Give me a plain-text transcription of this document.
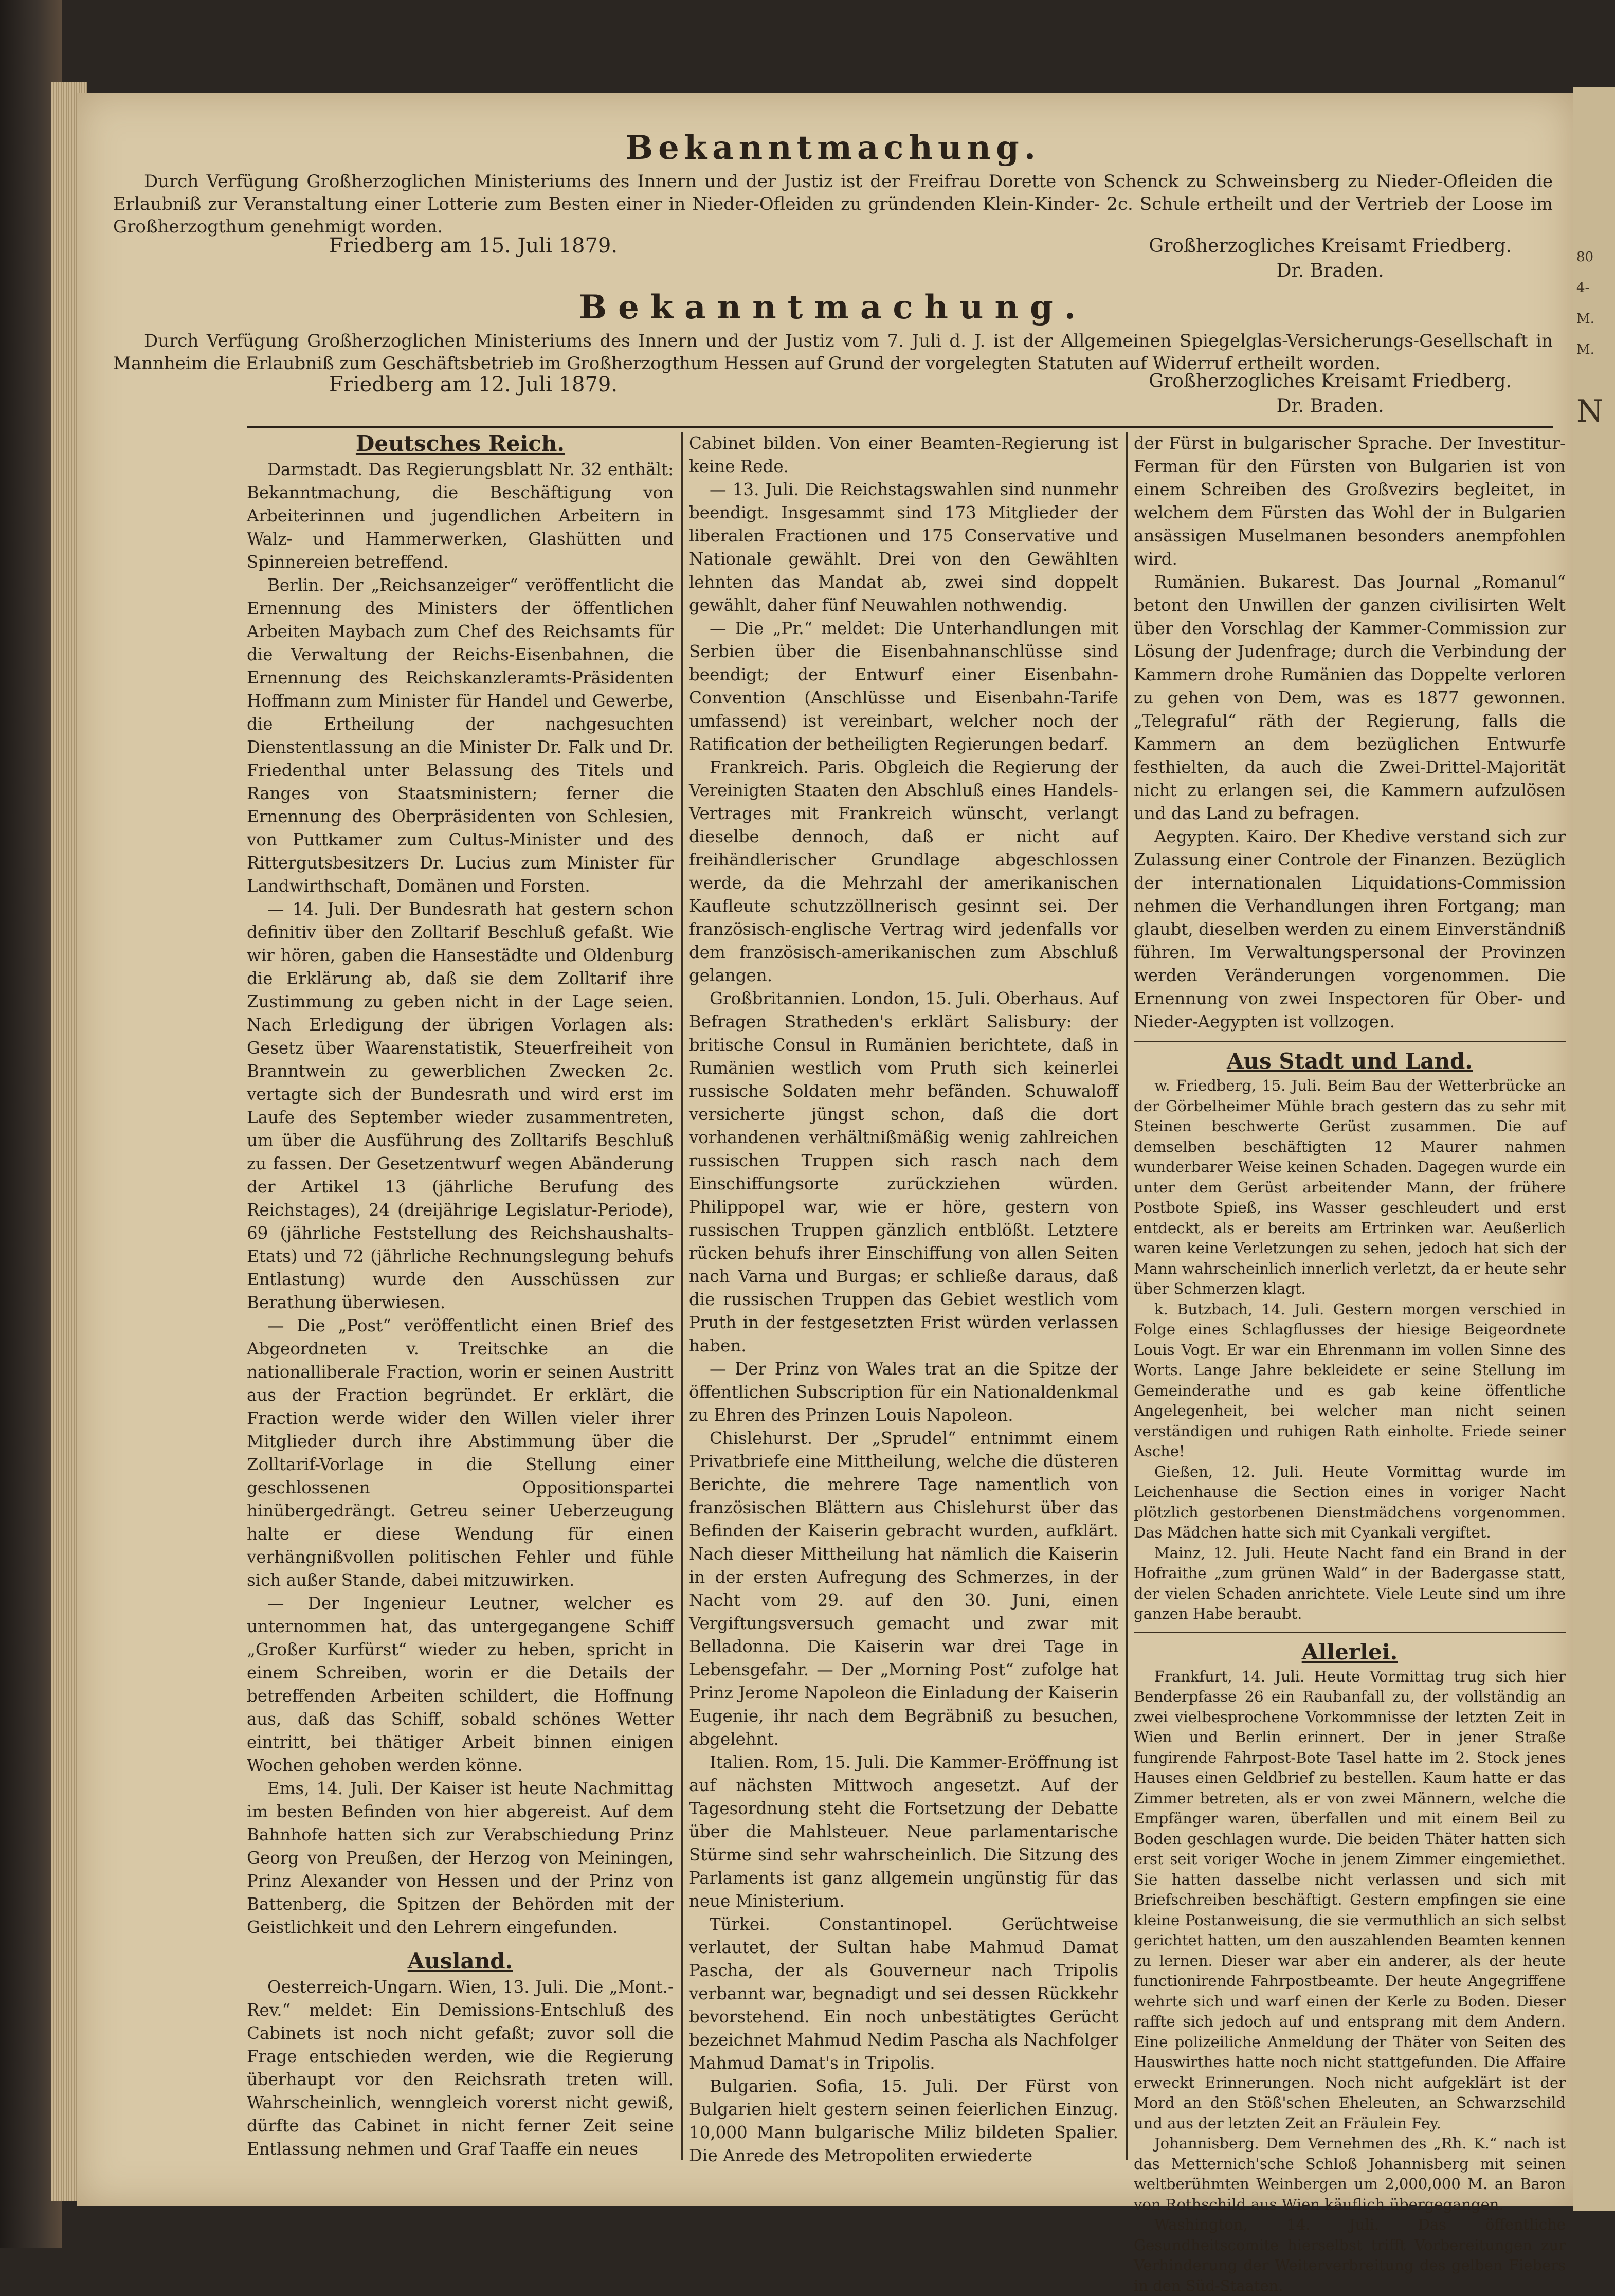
80
4-
M.
M.
N
Bekanntmachung.

Durch Verfügung Großherzoglichen Ministeriums des Innern und der Justiz ist der Freifrau Dorette von Schenck zu Schweinsberg zu Nieder-Ofleiden die Erlaubniß zur Veranstaltung einer Lotterie zum Besten einer in Nieder-Ofleiden zu gründenden Klein-Kinder- 2c. Schule ertheilt und der Vertrieb der Loose im Großherzogthum genehmigt worden.

Friedberg am 15. Juli 1879.	Großherzogliches Kreisamt Friedberg.
Dr. Braden.
Bekanntmachung.

Durch Verfügung Großherzoglichen Ministeriums des Innern und der Justiz vom 7. Juli d. J. ist der Allgemeinen Spiegelglas-Versicherungs-Gesellschaft in Mannheim die Erlaubniß zum Geschäftsbetrieb im Großherzogthum Hessen auf Grund der vorgelegten Statuten auf Widerruf ertheilt worden.

Friedberg am 12. Juli 1879.	Großherzogliches Kreisamt Friedberg.
Dr. Braden.
Deutsches Reich.

Darmstadt. Das Regierungsblatt Nr. 32 enthält: Bekanntmachung, die Beschäftigung von Arbeiterinnen und jugendlichen Arbeitern in Walz- und Hammerwerken, Glashütten und Spinnereien betreffend.

Berlin. Der „Reichsanzeiger“ veröffentlicht die Ernennung des Ministers der öffentlichen Arbeiten Maybach zum Chef des Reichsamts für die Verwaltung der Reichs-Eisenbahnen, die Ernennung des Reichskanzleramts-Präsidenten Hoffmann zum Minister für Handel und Gewerbe, die Ertheilung der nachgesuchten Dienstentlassung an die Minister Dr. Falk und Dr. Friedenthal unter Belassung des Titels und Ranges von Staatsministern; ferner die Ernennung des Oberpräsidenten von Schlesien, von Puttkamer zum Cultus-Minister und des Rittergutsbesitzers Dr. Lucius zum Minister für Landwirthschaft, Domänen und Forsten.

— 14. Juli. Der Bundesrath hat gestern schon definitiv über den Zolltarif Beschluß gefaßt. Wie wir hören, gaben die Hansestädte und Oldenburg die Erklärung ab, daß sie dem Zolltarif ihre Zustimmung zu geben nicht in der Lage seien. Nach Erledigung der übrigen Vorlagen als: Gesetz über Waarenstatistik, Steuerfreiheit von Branntwein zu gewerblichen Zwecken 2c. vertagte sich der Bundesrath und wird erst im Laufe des September wieder zusammentreten, um über die Ausführung des Zolltarifs Beschluß zu fassen. Der Gesetzentwurf wegen Abänderung der Artikel 13 (jährliche Berufung des Reichstages), 24 (dreijährige Legislatur-Periode), 69 (jährliche Feststellung des Reichshaushalts-Etats) und 72 (jährliche Rechnungslegung behufs Entlastung) wurde den Ausschüssen zur Berathung überwiesen.

— Die „Post“ veröffentlicht einen Brief des Abgeordneten v. Treitschke an die nationalliberale Fraction, worin er seinen Austritt aus der Fraction begründet. Er erklärt, die Fraction werde wider den Willen vieler ihrer Mitglieder durch ihre Abstimmung über die Zolltarif-Vorlage in die Stellung einer geschlossenen Oppositionspartei hinübergedrängt. Getreu seiner Ueberzeugung halte er diese Wendung für einen verhängnißvollen politischen Fehler und fühle sich außer Stande, dabei mitzuwirken.

— Der Ingenieur Leutner, welcher es unternommen hat, das untergegangene Schiff „Großer Kurfürst“ wieder zu heben, spricht in einem Schreiben, worin er die Details der betreffenden Arbeiten schildert, die Hoffnung aus, daß das Schiff, sobald schönes Wetter eintritt, bei thätiger Arbeit binnen einigen Wochen gehoben werden könne.

Ems, 14. Juli. Der Kaiser ist heute Nachmittag im besten Befinden von hier abgereist. Auf dem Bahnhofe hatten sich zur Verabschiedung Prinz Georg von Preußen, der Herzog von Meiningen, Prinz Alexander von Hessen und der Prinz von Battenberg, die Spitzen der Behörden mit der Geistlichkeit und den Lehrern eingefunden.

Ausland.

Oesterreich-Ungarn. Wien, 13. Juli. Die „Mont.-Rev.“ meldet: Ein Demissions-Entschluß des Cabinets ist noch nicht gefaßt; zuvor soll die Frage entschieden werden, wie die Regierung überhaupt vor den Reichsrath treten will. Wahrscheinlich, wenngleich vorerst nicht gewiß, dürfte das Cabinet in nicht ferner Zeit seine Entlassung nehmen und Graf Taaffe ein neues

Cabinet bilden. Von einer Beamten-Regierung ist keine Rede.

— 13. Juli. Die Reichstagswahlen sind nunmehr beendigt. Insgesammt sind 173 Mitglieder der liberalen Fractionen und 175 Conservative und Nationale gewählt. Drei von den Gewählten lehnten das Mandat ab, zwei sind doppelt gewählt, daher fünf Neuwahlen nothwendig.

— Die „Pr.“ meldet: Die Unterhandlungen mit Serbien über die Eisenbahnanschlüsse sind beendigt; der Entwurf einer Eisenbahn-Convention (Anschlüsse und Eisenbahn-Tarife umfassend) ist vereinbart, welcher noch der Ratification der betheiligten Regierungen bedarf.

Frankreich. Paris. Obgleich die Regierung der Vereinigten Staaten den Abschluß eines Handels-Vertrages mit Frankreich wünscht, verlangt dieselbe dennoch, daß er nicht auf freihändlerischer Grundlage abgeschlossen werde, da die Mehrzahl der amerikanischen Kaufleute schutzzöllnerisch gesinnt sei. Der französisch-englische Vertrag wird jedenfalls vor dem französisch-amerikanischen zum Abschluß gelangen.

Großbritannien. London, 15. Juli. Oberhaus. Auf Befragen Stratheden's erklärt Salisbury: der britische Consul in Rumänien berichtete, daß in Rumänien westlich vom Pruth sich keinerlei russische Soldaten mehr befänden. Schuwaloff versicherte jüngst schon, daß die dort vorhandenen verhältnißmäßig wenig zahlreichen russischen Truppen sich rasch nach dem Einschiffungsorte zurückziehen würden. Philippopel war, wie er höre, gestern von russischen Truppen gänzlich entblößt. Letztere rücken behufs ihrer Einschiffung von allen Seiten nach Varna und Burgas; er schließe daraus, daß die russischen Truppen das Gebiet westlich vom Pruth in der festgesetzten Frist würden verlassen haben.

— Der Prinz von Wales trat an die Spitze der öffentlichen Subscription für ein Nationaldenkmal zu Ehren des Prinzen Louis Napoleon.

Chislehurst. Der „Sprudel“ entnimmt einem Privatbriefe eine Mittheilung, welche die düsteren Berichte, die mehrere Tage namentlich von französischen Blättern aus Chislehurst über das Befinden der Kaiserin gebracht wurden, aufklärt. Nach dieser Mittheilung hat nämlich die Kaiserin in der ersten Aufregung des Schmerzes, in der Nacht vom 29. auf den 30. Juni, einen Vergiftungsversuch gemacht und zwar mit Belladonna. Die Kaiserin war drei Tage in Lebensgefahr. — Der „Morning Post“ zufolge hat Prinz Jerome Napoleon die Einladung der Kaiserin Eugenie, ihr nach dem Begräbniß zu besuchen, abgelehnt.

Italien. Rom, 15. Juli. Die Kammer-Eröffnung ist auf nächsten Mittwoch angesetzt. Auf der Tagesordnung steht die Fortsetzung der Debatte über die Mahlsteuer. Neue parlamentarische Stürme sind sehr wahrscheinlich. Die Sitzung des Parlaments ist ganz allgemein ungünstig für das neue Ministerium.

Türkei. Constantinopel. Gerüchtweise verlautet, der Sultan habe Mahmud Damat Pascha, der als Gouverneur nach Tripolis verbannt war, begnadigt und sei dessen Rückkehr bevorstehend. Ein noch unbestätigtes Gerücht bezeichnet Mahmud Nedim Pascha als Nachfolger Mahmud Damat's in Tripolis.

Bulgarien. Sofia, 15. Juli. Der Fürst von Bulgarien hielt gestern seinen feierlichen Einzug. 10,000 Mann bulgarische Miliz bildeten Spalier. Die Anrede des Metropoliten erwiederte

der Fürst in bulgarischer Sprache. Der Investitur-Ferman für den Fürsten von Bulgarien ist von einem Schreiben des Großvezirs begleitet, in welchem dem Fürsten das Wohl der in Bulgarien ansässigen Muselmanen besonders anempfohlen wird.

Rumänien. Bukarest. Das Journal „Romanul“ betont den Unwillen der ganzen civilisirten Welt über den Vorschlag der Kammer-Commission zur Lösung der Judenfrage; durch die Verbindung der Kammern drohe Rumänien das Doppelte verloren zu gehen von Dem, was es 1877 gewonnen. „Telegraful“ räth der Regierung, falls die Kammern an dem bezüglichen Entwurfe festhielten, da auch die Zwei-Drittel-Majorität nicht zu erlangen sei, die Kammern aufzulösen und das Land zu befragen.

Aegypten. Kairo. Der Khedive verstand sich zur Zulassung einer Controle der Finanzen. Bezüglich der internationalen Liquidations-Commission nehmen die Verhandlungen ihren Fortgang; man glaubt, dieselben werden zu einem Einverständniß führen. Im Verwaltungspersonal der Provinzen werden Veränderungen vorgenommen. Die Ernennung von zwei Inspectoren für Ober- und Nieder-Aegypten ist vollzogen.

Aus Stadt und Land.

w. Friedberg, 15. Juli. Beim Bau der Wetterbrücke an der Görbelheimer Mühle brach gestern das zu sehr mit Steinen beschwerte Gerüst zusammen. Die auf demselben beschäftigten 12 Maurer nahmen wunderbarer Weise keinen Schaden. Dagegen wurde ein unter dem Gerüst arbeitender Mann, der frühere Postbote Spieß, ins Wasser geschleudert und erst entdeckt, als er bereits am Ertrinken war. Aeußerlich waren keine Verletzungen zu sehen, jedoch hat sich der Mann wahrscheinlich innerlich verletzt, da er heute sehr über Schmerzen klagt.

k. Butzbach, 14. Juli. Gestern morgen verschied in Folge eines Schlagflusses der hiesige Beigeordnete Louis Vogt. Er war ein Ehrenmann im vollen Sinne des Worts. Lange Jahre bekleidete er seine Stellung im Gemeinderathe und es gab keine öffentliche Angelegenheit, bei welcher man nicht seinen verständigen und ruhigen Rath einholte. Friede seiner Asche!

Gießen, 12. Juli. Heute Vormittag wurde im Leichenhause die Section eines in voriger Nacht plötzlich gestorbenen Dienstmädchens vorgenommen. Das Mädchen hatte sich mit Cyankali vergiftet.

Mainz, 12. Juli. Heute Nacht fand ein Brand in der Hofraithe „zum grünen Wald“ in der Badergasse statt, der vielen Schaden anrichtete. Viele Leute sind um ihre ganzen Habe beraubt.

Allerlei.

Frankfurt, 14. Juli. Heute Vormittag trug sich hier Benderpfasse 26 ein Raubanfall zu, der vollständig an zwei vielbesprochene Vorkommnisse der letzten Zeit in Wien und Berlin erinnert. Der in jener Straße fungirende Fahrpost-Bote Tasel hatte im 2. Stock jenes Hauses einen Geldbrief zu bestellen. Kaum hatte er das Zimmer betreten, als er von zwei Männern, welche die Empfänger waren, überfallen und mit einem Beil zu Boden geschlagen wurde. Die beiden Thäter hatten sich erst seit voriger Woche in jenem Zimmer eingemiethet. Sie hatten dasselbe nicht verlassen und sich mit Briefschreiben beschäftigt. Gestern empfingen sie eine kleine Postanweisung, die sie vermuthlich an sich selbst gerichtet hatten, um den auszahlenden Beamten kennen zu lernen. Dieser war aber ein anderer, als der heute functionirende Fahrpostbeamte. Der heute Angegriffene wehrte sich und warf einen der Kerle zu Boden. Dieser raffte sich jedoch auf und entsprang mit dem Andern. Eine polizeiliche Anmeldung der Thäter von Seiten des Hauswirthes hatte noch nicht stattgefunden. Die Affaire erweckt Erinnerungen. Noch nicht aufgeklärt ist der Mord an den Stöß'schen Eheleuten, an Schwarzschild und aus der letzten Zeit an Fräulein Fey.

Johannisberg. Dem Vernehmen des „Rh. K.“ nach ist das Metternich'sche Schloß Johannisberg mit seinen weltberühmten Weinbergen um 2,000,000 M. an Baron von Rothschild aus Wien käuflich übergegangen.

Washington, 14. Juli. Das öffentliche Gesundheitscomite hierselbst trifft Vorbereitungen zur Verhinderung der Weiterverbreitung des gelben Fiebers in den Süd-Staaten.
